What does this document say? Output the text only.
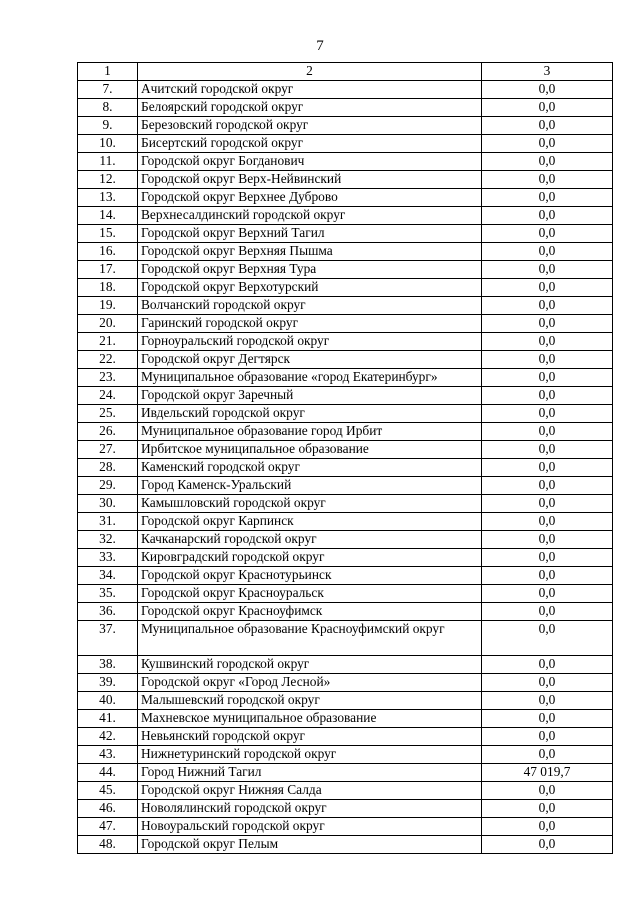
7
1	2	3
7.	Ачитский городской округ	0,0
8.	Белоярский городской округ	0,0
9.	Березовский городской округ	0,0
10.	Бисертский городской округ	0,0
11.	Городской округ Богданович	0,0
12.	Городской округ Верх-Нейвинский	0,0
13.	Городской округ Верхнее Дуброво	0,0
14.	Верхнесалдинский городской округ	0,0
15.	Городской округ Верхний Тагил	0,0
16.	Городской округ Верхняя Пышма	0,0
17.	Городской округ Верхняя Тура	0,0
18.	Городской округ Верхотурский	0,0
19.	Волчанский городской округ	0,0
20.	Гаринский городской округ	0,0
21.	Горноуральский городской округ	0,0
22.	Городской округ Дегтярск	0,0
23.	Муниципальное образование «город Екатеринбург»	0,0
24.	Городской округ Заречный	0,0
25.	Ивдельский городской округ	0,0
26.	Муниципальное образование город Ирбит	0,0
27.	Ирбитское муниципальное образование	0,0
28.	Каменский городской округ	0,0
29.	Город Каменск-Уральский	0,0
30.	Камышловский городской округ	0,0
31.	Городской округ Карпинск	0,0
32.	Качканарский городской округ	0,0
33.	Кировградский городской округ	0,0
34.	Городской округ Краснотурьинск	0,0
35.	Городской округ Красноуральск	0,0
36.	Городской округ Красноуфимск	0,0
37.	Муниципальное образование Красноуфимский округ	0,0
38.	Кушвинский городской округ	0,0
39.	Городской округ «Город Лесной»	0,0
40.	Малышевский городской округ	0,0
41.	Махневское муниципальное образование	0,0
42.	Невьянский городской округ	0,0
43.	Нижнетуринский городской округ	0,0
44.	Город Нижний Тагил	47 019,7
45.	Городской округ Нижняя Салда	0,0
46.	Новолялинский городской округ	0,0
47.	Новоуральский городской округ	0,0
48.	Городской округ Пелым	0,0
